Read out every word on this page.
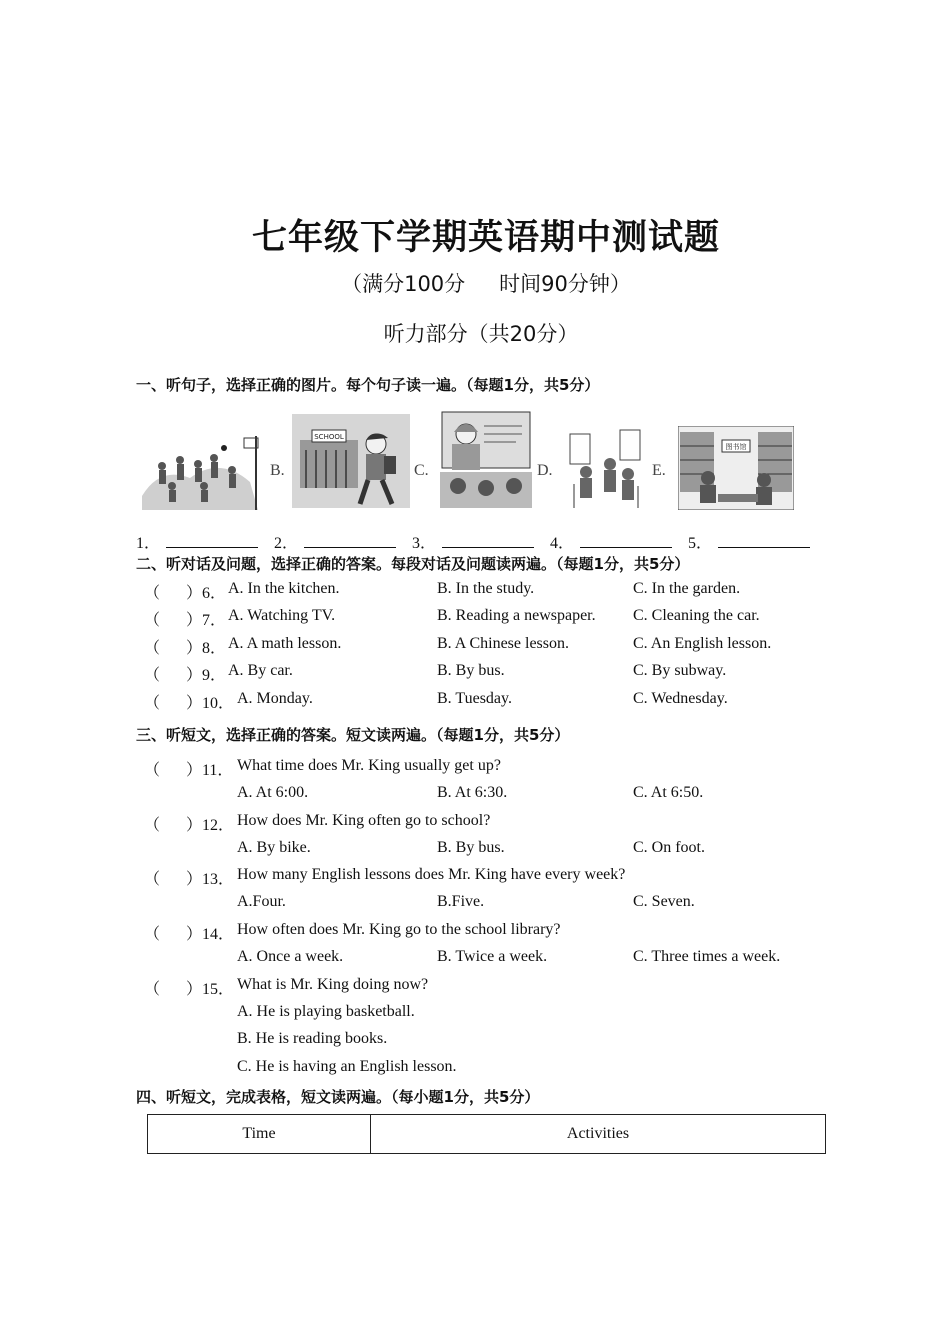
七年级下学期英语期中测试题
（满分100分 时间90分钟）
听力部分（共20分）
一、听句子，选择正确的图片。每个句子读一遍。（每题1分，共5分）
B.
SCHOOL
C.	D.	E.
图书馆
1．	2．	3．	4．	5．
二、听对话及问题，选择正确的答案。每段对话及问题读两遍。（每题1分，共5分）
（ ）6． A. In the kitchen.	B. In the study.	C. In the garden.
（ ）7． A. Watching TV.	B. Reading a newspaper. C. Cleaning the car.
（ ）8． A. A math lesson.	B. A Chinese lesson.	C. An English lesson.
（ ）9． A. By car.	B. By bus.	C. By subway.
（ ）10． A. Monday.	B. Tuesday.	C. Wednesday.
三、听短文，选择正确的答案。短文读两遍。（每题1分，共5分）
（ ）11． What time does Mr. King usually get up?
A. At 6:00.	B. At 6:30.	C. At 6:50.
（ ）12． How does Mr. King often go to school?
A. By bike.	B. By bus.	C. On foot.
（ ）13． How many English lessons does Mr. King have every week?
A.Four.	B.Five.	C. Seven.
（ ）14． How often does Mr. King go to the school library?
A. Once a week.	B. Twice a week.	C. Three times a week.
（ ）15． What is Mr. King doing now?
A. He is playing basketball.
B. He is reading books.
C. He is having an English lesson.
四、听短文，完成表格，短文读两遍。（每小题1分，共5分）
Time	Activities
